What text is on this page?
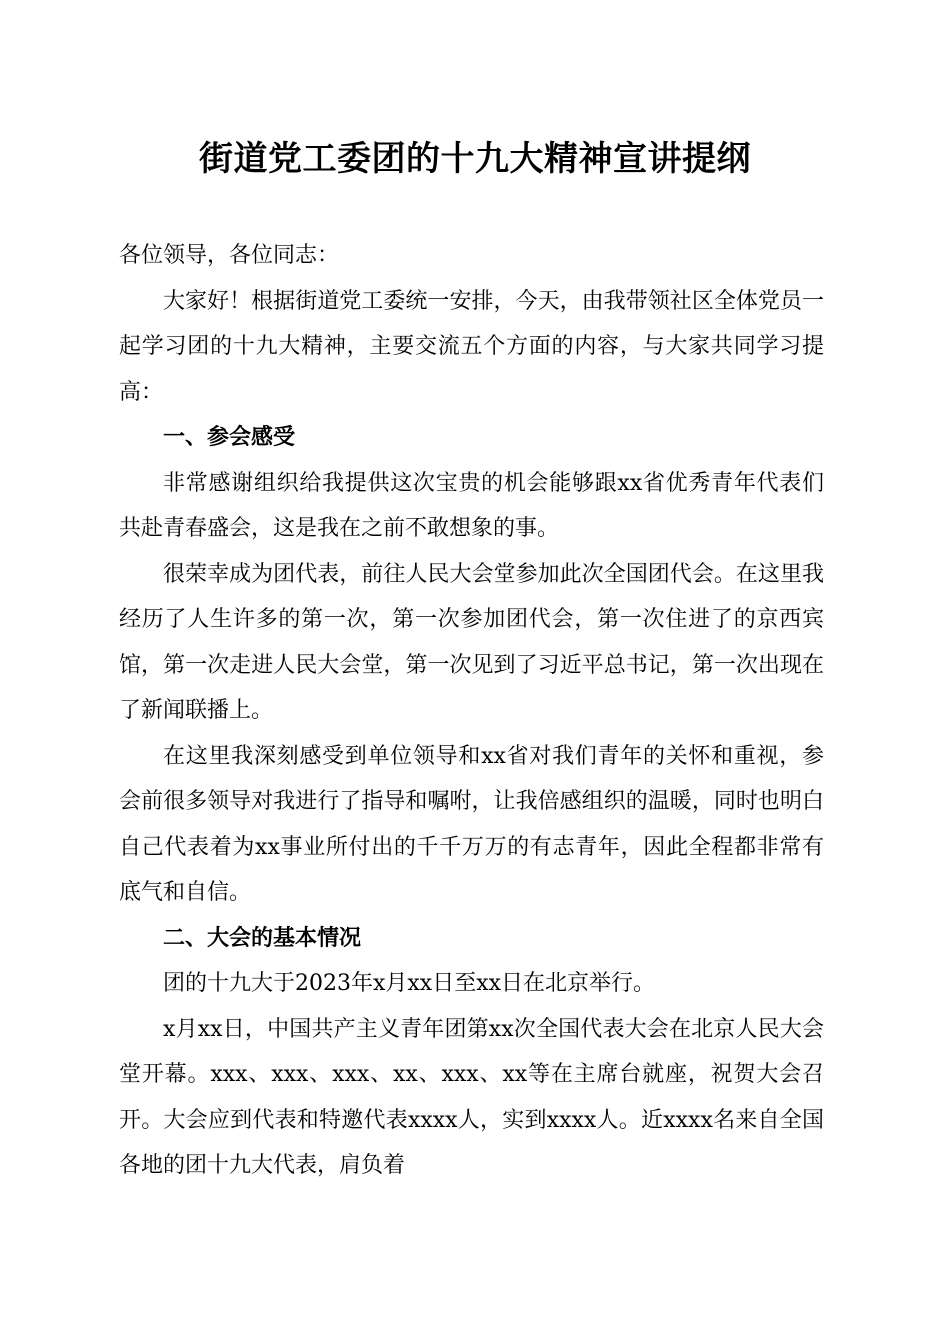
街道党工委团的十九大精神宣讲提纲

各位领导，各位同志：

大家好！根据街道党工委统一安排，今天，由我带领社区全体党员一起学习团的十九大精神，主要交流五个方面的内容，与大家共同学习提高：

一、参会感受

非常感谢组织给我提供这次宝贵的机会能够跟xx省优秀青年代表们共赴青春盛会，这是我在之前不敢想象的事。

很荣幸成为团代表，前往人民大会堂参加此次全国团代会。在这里我经历了人生许多的第一次，第一次参加团代会，第一次住进了的京西宾馆，第一次走进人民大会堂，第一次见到了习近平总书记，第一次出现在了新闻联播上。

在这里我深刻感受到单位领导和xx省对我们青年的关怀和重视，参会前很多领导对我进行了指导和嘱咐，让我倍感组织的温暖，同时也明白自己代表着为xx事业所付出的千千万万的有志青年，因此全程都非常有底气和自信。

二、大会的基本情况

团的十九大于2023年x月xx日至xx日在北京举行。

x月xx日，中国共产主义青年团第xx次全国代表大会在北京人民大会堂开幕。xxx、xxx、xxx、xx、xxx、xx等在主席台就座，祝贺大会召开。大会应到代表和特邀代表xxxx人，实到xxxx人。近xxxx名来自全国各地的团十九大代表，肩负着
